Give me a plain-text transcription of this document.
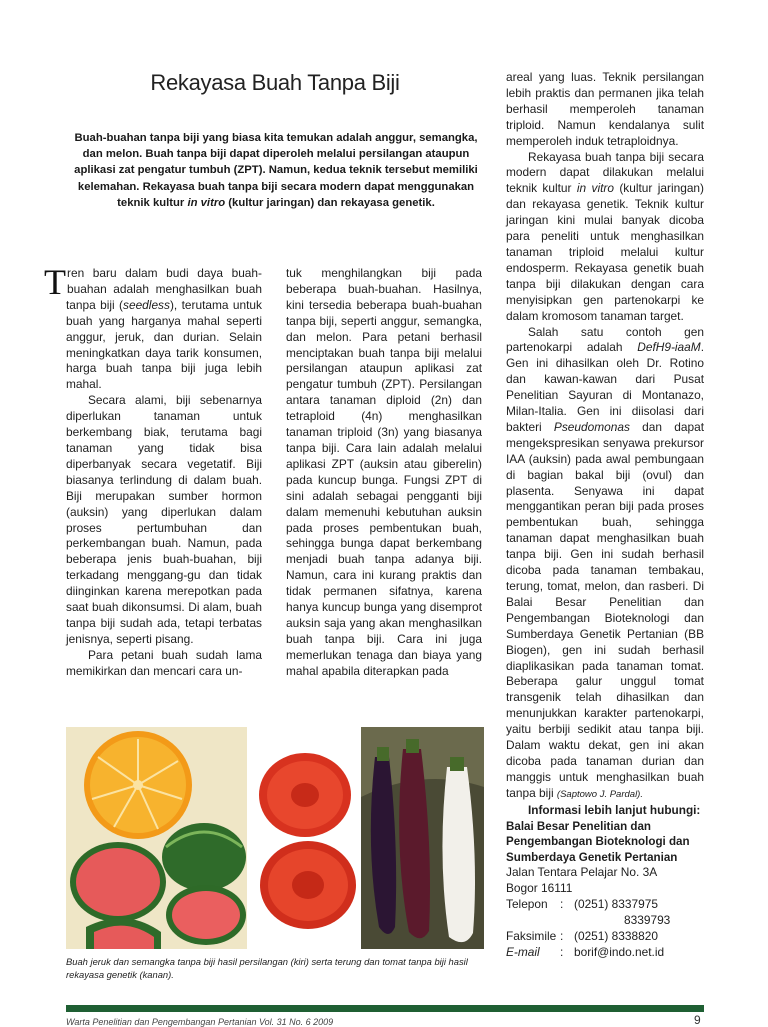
Rekayasa Buah Tanpa Biji

Buah-buahan tanpa biji yang biasa kita temukan adalah anggur, semangka, dan melon. Buah tanpa biji dapat diperoleh melalui persilangan ataupun aplikasi zat pengatur tumbuh (ZPT). Namun, kedua teknik tersebut memiliki kelemahan. Rekayasa buah tanpa biji secara modern dapat menggunakan teknik kultur in vitro (kultur jaringan) dan rekayasa genetik.

Tren baru dalam budi daya buah-buahan adalah menghasilkan buah tanpa biji (seedless), terutama untuk buah yang harganya mahal seperti anggur, jeruk, dan durian. Selain meningkatkan daya tarik konsumen, harga buah tanpa biji juga lebih mahal.

Secara alami, biji sebenarnya diperlukan tanaman untuk berkembang biak, terutama bagi tanaman yang tidak bisa diperbanyak secara vegetatif. Biji biasanya terlindung di dalam buah. Biji merupakan sumber hormon (auksin) yang diperlukan dalam proses pertumbuhan dan perkembangan buah. Namun, pada beberapa jenis buah-buahan, biji terkadang menggang-gu dan tidak diinginkan karena merepotkan pada saat buah dikonsumsi. Di alam, buah tanpa biji sudah ada, tetapi terbatas jenisnya, seperti pisang.

Para petani buah sudah lama memikirkan dan mencari cara un-

tuk menghilangkan biji pada beberapa buah-buahan. Hasilnya, kini tersedia beberapa buah-buahan tanpa biji, seperti anggur, semangka, dan melon. Para petani berhasil menciptakan buah tanpa biji melalui persilangan ataupun aplikasi zat pengatur tumbuh (ZPT). Persilangan antara tanaman diploid (2n) dan tetraploid (4n) menghasilkan tanaman triploid (3n) yang biasanya tanpa biji. Cara lain adalah melalui aplikasi ZPT (auksin atau giberelin) pada kuncup bunga. Fungsi ZPT di sini adalah sebagai pengganti biji dalam memenuhi kebutuhan auksin pada proses pembentukan buah, sehingga bunga dapat berkembang menjadi buah tanpa adanya biji. Namun, cara ini kurang praktis dan tidak permanen sifatnya, karena hanya kuncup bunga yang disemprot auksin saja yang akan menghasilkan buah tanpa biji. Cara ini juga memerlukan tenaga dan biaya yang mahal apabila diterapkan pada

areal yang luas. Teknik persilangan lebih praktis dan permanen jika telah berhasil memperoleh tanaman triploid. Namun kendalanya sulit memperoleh induk tetraploidnya.

Rekayasa buah tanpa biji secara modern dapat dilakukan melalui teknik kultur in vitro (kultur jaringan) dan rekayasa genetik. Teknik kultur jaringan kini mulai banyak dicoba para peneliti untuk menghasilkan tanaman triploid melalui kultur endosperm. Rekayasa genetik buah tanpa biji dilakukan dengan cara menyisipkan gen partenokarpi ke dalam kromosom tanaman target.

Salah satu contoh gen partenokarpi adalah DefH9-iaaM. Gen ini dihasilkan oleh Dr. Rotino dan kawan-kawan dari Pusat Penelitian Sayuran di Montanazo, Milan-Italia. Gen ini diisolasi dari bakteri Pseudomonas dan dapat mengekspresikan senyawa prekursor IAA (auksin) pada awal pembungaan di bagian bakal biji (ovul) dan plasenta. Senyawa ini dapat menggantikan peran biji pada proses pembentukan buah, sehingga tanaman dapat menghasilkan buah tanpa biji. Gen ini sudah berhasil dicoba pada tanaman tembakau, terung, tomat, melon, dan rasberi. Di Balai Besar Penelitian dan Pengembangan Bioteknologi dan Sumberdaya Genetik Pertanian (BB Biogen), gen ini sudah berhasil diaplikasikan pada tanaman tomat. Beberapa galur unggul tomat transgenik telah dihasilkan dan menunjukkan karakter partenokarpi, yaitu berbiji sedikit atau tanpa biji. Dalam waktu dekat, gen ini akan dicoba pada tanaman durian dan manggis untuk menghasilkan buah tanpa biji (Saptowo J. Pardal).

Informasi lebih lanjut hubungi:

Balai Besar Penelitian dan Pengembangan Bioteknologi dan Sumberdaya Genetik Pertanian

Jalan Tentara Pelajar No. 3A
Bogor 16111
Telepon	: (0251) 8337975
8339793
Faksimile : (0251) 8338820
E-mail	: borif@indo.net.id
Buah jeruk dan semangka tanpa biji hasil persilangan (kiri) serta terung dan tomat tanpa biji hasil rekayasa genetik (kanan).
Warta Penelitian dan Pengembangan Pertanian Vol. 31 No. 6 2009	9
